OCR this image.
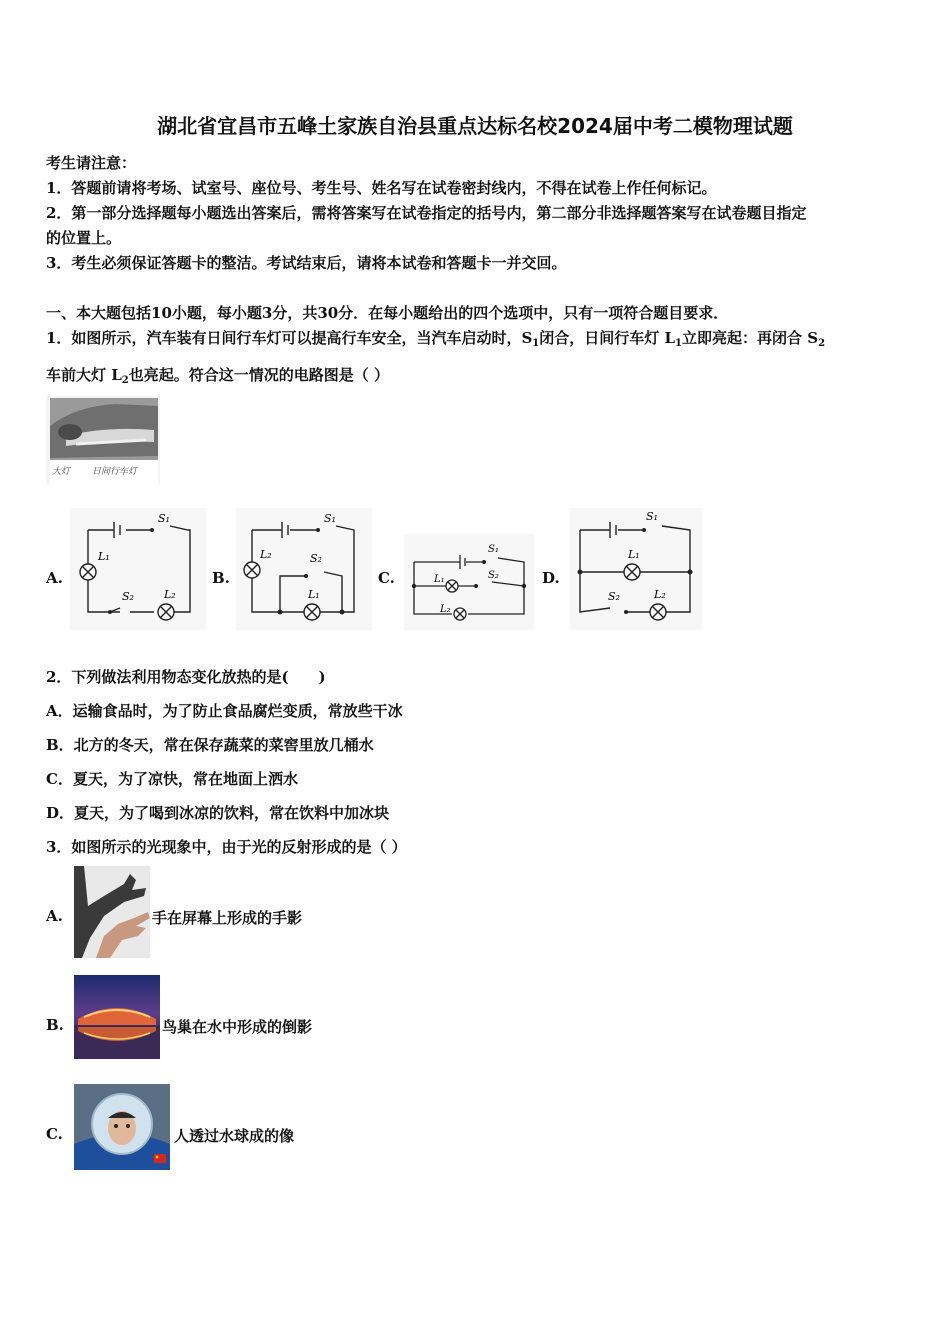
湖北省宜昌市五峰土家族自治县重点达标名校2024届中考二模物理试题
考生请注意：
1．答题前请将考场、试室号、座位号、考生号、姓名写在试卷密封线内，不得在试卷上作任何标记。
2．第一部分选择题每小题选出答案后，需将答案写在试卷指定的括号内，第二部分非选择题答案写在试卷题目指定
的位置上。
3．考生必须保证答题卡的整洁。考试结束后，请将本试卷和答题卡一并交回。
一、本大题包括10小题，每小题3分，共30分．在每小题给出的四个选项中，只有一项符合题目要求．
1．如图所示，汽车装有日间行车灯可以提高行车安全，当汽车启动时，$S_1$闭合，日间行车灯 $L_1$立即亮起：再闭合 $S_2$
车前大灯 $L_2$也亮起。符合这一情况的电路图是（ ）
大灯 日间行车灯
A.
S₁
L₁
S₂	L₂
B.
S₁
L₂	S₂
L₁
C.
S₁
S₂
L₁
L₂
D.
S₁
L₁
S₂	L₂
2．下列做法利用物态变化放热的是(　　)
A．运输食品时，为了防止食品腐烂变质，常放些干冰
B．北方的冬天，常在保存蔬菜的菜窖里放几桶水
C．夏天，为了凉快，常在地面上洒水
D．夏天，为了喝到冰凉的饮料，常在饮料中加冰块
3．如图所示的光现象中，由于光的反射形成的是（ ）
A.	手在屏幕上形成的手影
B.	鸟巢在水中形成的倒影
C.	人透过水球成的像
